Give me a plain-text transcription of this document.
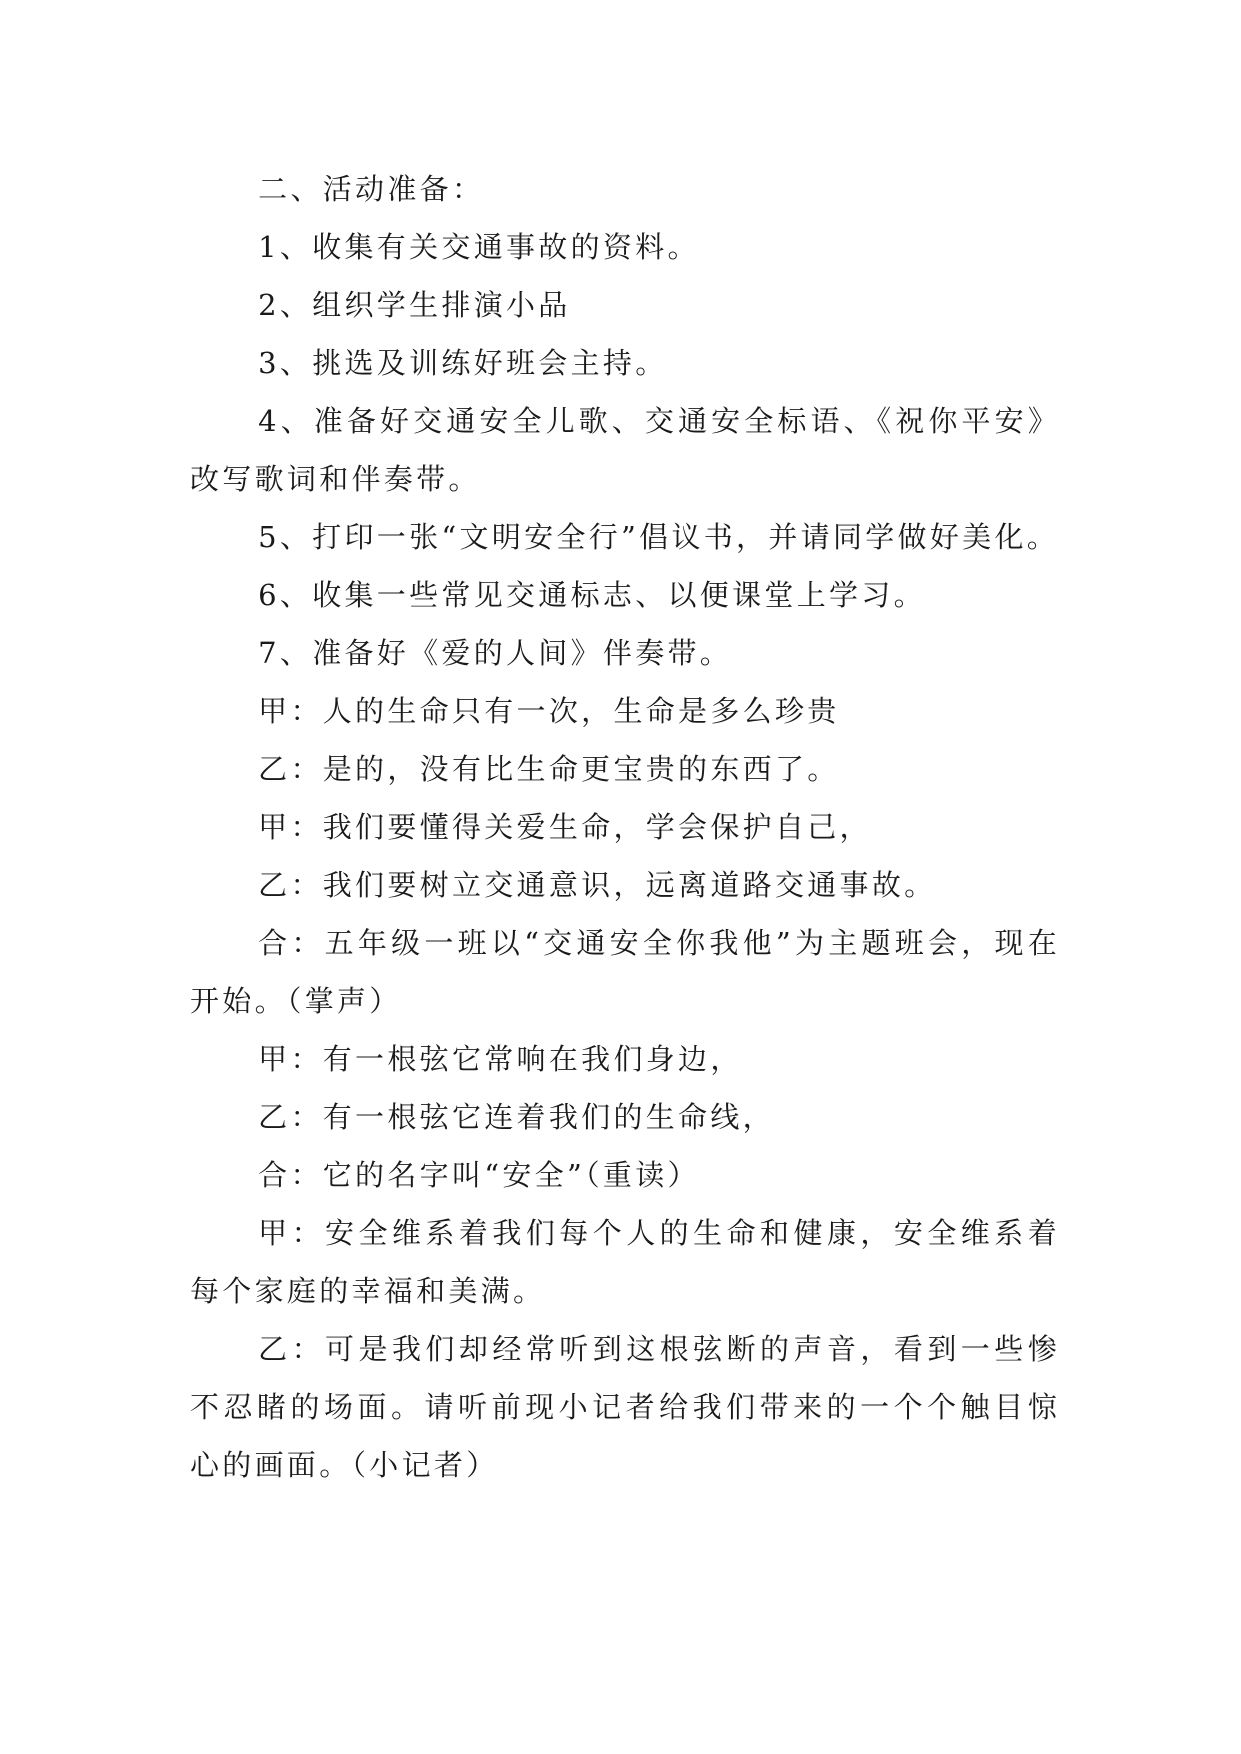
二、活动准备：

1、收集有关交通事故的资料。

2、组织学生排演小品

3、挑选及训练好班会主持。

4、准备好交通安全儿歌、交通安全标语、《祝你平安》改写歌词和伴奏带。

5、打印一张“文明安全行”倡议书，并请同学做好美化。

6、收集一些常见交通标志、以便课堂上学习。

7、准备好《爱的人间》伴奏带。

甲：人的生命只有一次，生命是多么珍贵

乙：是的，没有比生命更宝贵的东西了。

甲：我们要懂得关爱生命，学会保护自己，

乙：我们要树立交通意识，远离道路交通事故。

合：五年级一班以“交通安全你我他”为主题班会，现在开始。（掌声）

甲：有一根弦它常响在我们身边，

乙：有一根弦它连着我们的生命线，

合：它的名字叫“安全”（重读）

甲：安全维系着我们每个人的生命和健康，安全维系着每个家庭的幸福和美满。

乙：可是我们却经常听到这根弦断的声音，看到一些惨不忍睹的场面。请听前现小记者给我们带来的一个个触目惊心的画面。（小记者）
